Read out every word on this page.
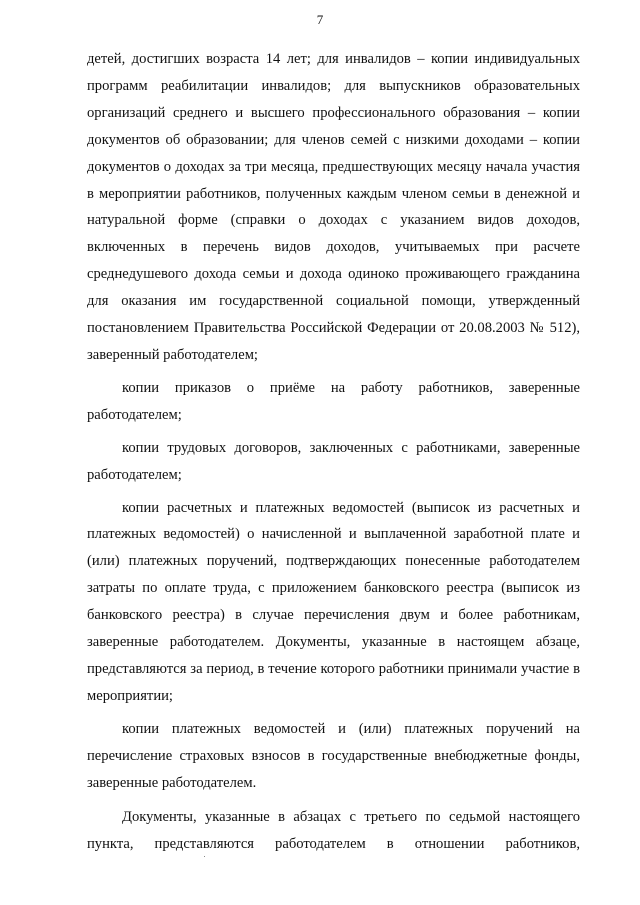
7

детей, достигших возраста 14 лет; для инвалидов – копии индивидуальных программ реабилитации инвалидов; для выпускников образовательных организаций среднего и высшего профессионального образования – копии документов об образовании; для членов семей с низкими доходами – копии документов о доходах за три месяца, предшествующих месяцу начала участия в мероприятии работников, полученных каждым членом семьи в денежной и натуральной форме (справки о доходах с указанием видов доходов, включенных в перечень видов доходов, учитываемых при расчете среднедушевого дохода семьи и дохода одиноко проживающего гражданина для оказания им государственной социальной помощи, утвержденный постановлением Правительства Российской Федерации от 20.08.2003 № 512), заверенный работодателем;

копии приказов о приёме на работу работников, заверенные работодателем;

копии трудовых договоров, заключенных с работниками, заверенные работодателем;

копии расчетных и платежных ведомостей (выписок из расчетных и платежных ведомостей) о начисленной и выплаченной заработной плате и (или) платежных поручений, подтверждающих понесенные работодателем затраты по оплате труда, с приложением банковского реестра (выписок из банковского реестра) в случае перечисления двум и более работникам, заверенные работодателем. Документы, указанные в настоящем абзаце, представляются за период, в течение которого работники принимали участие в мероприятии;

копии платежных ведомостей и (или) платежных поручений на перечисление страховых взносов в государственные внебюджетные фонды, заверенные работодателем.

Документы, указанные в абзацах с третьего по седьмой настоящего пункта, представляются работодателем в отношении работников,
